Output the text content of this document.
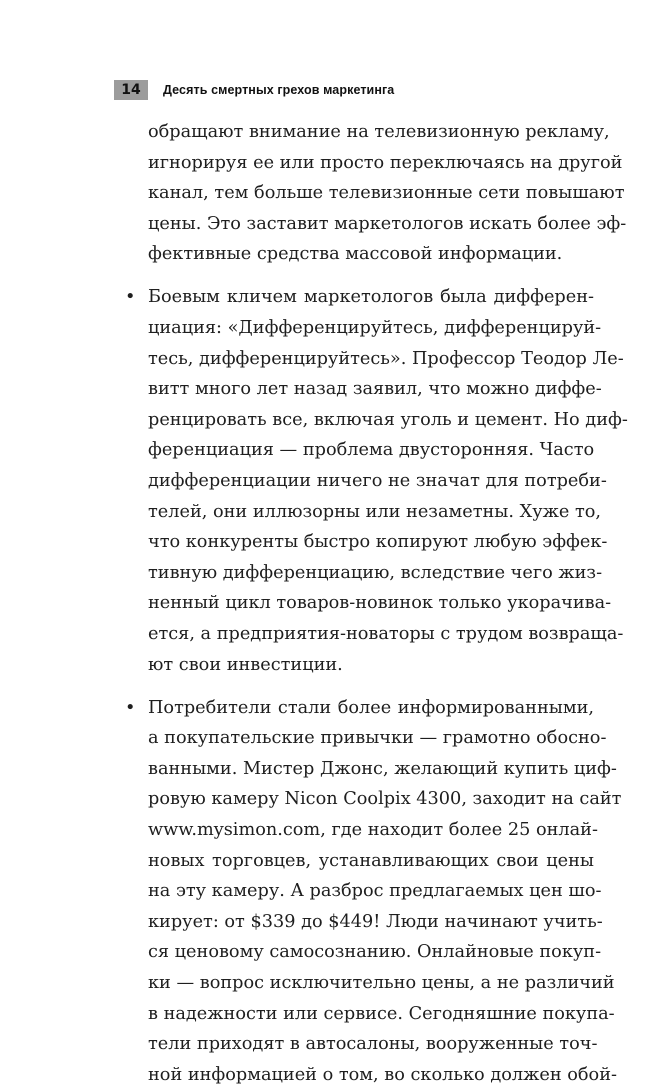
14	Десять смертных грехов маркетинга
обращают внимание на телевизионную рекламу,
игнорируя ее или просто переключаясь на другой
канал, тем больше телевизионные сети повышают
цены. Это заставит маркетологов искать более эф-
фективные средства массовой информации.
• Боевым кличем маркетологов была дифферен-
циация: «Дифференцируйтесь, дифференцируй-
тесь, дифференцируйтесь». Профессор Теодор Ле-
витт много лет назад заявил, что можно диффе-
ренцировать все, включая уголь и цемент. Но диф-
ференциация — проблема двусторонняя. Часто
дифференциации ничего не значат для потреби-
телей, они иллюзорны или незаметны. Хуже то,
что конкуренты быстро копируют любую эффек-
тивную дифференциацию, вследствие чего жиз-
ненный цикл товаров-новинок только укорачива-
ется, а предприятия-новаторы с трудом возвраща-
ют свои инвестиции.
• Потребители стали более информированными,
а покупательские привычки — грамотно обосно-
ванными. Мистер Джонс, желающий купить циф-
ровую камеру Nicon Coolpix 4300, заходит на сайт
www.mysimon.com, где находит более 25 онлай-
новых торговцев, устанавливающих свои цены
на эту камеру. А разброс предлагаемых цен шо-
кирует: от $339 до $449! Люди начинают учить-
ся ценовому самосознанию. Онлайновые покуп-
ки — вопрос исключительно цены, а не различий
в надежности или сервисе. Сегодняшние покупа-
тели приходят в автосалоны, вооруженные точ-
ной информацией о том, во сколько должен обой-
